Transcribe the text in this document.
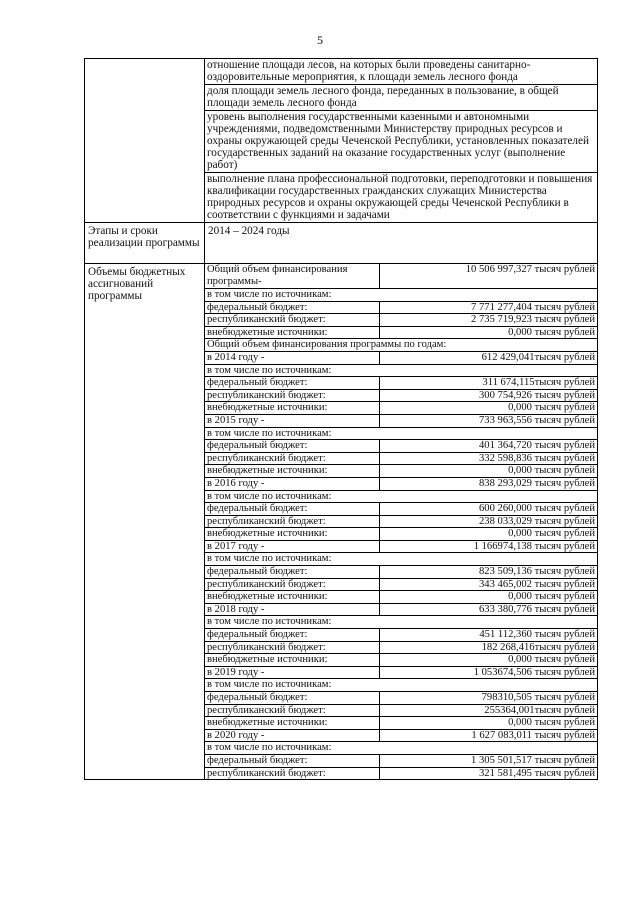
5

отношение площади лесов, на которых были проведены санитарно-оздоровительные мероприятия, к площади земель лесного фонда
доля площади земель лесного фонда, переданных в пользование, в общей площади земель лесного фонда
уровень выполнения государственными казенными и автономными учреждениями, подведомственными Министерству природных ресурсов и охраны окружающей среды Чеченской Республики, установленных показателей государственных заданий на оказание государственных услуг (выполнение работ)
выполнение плана профессиональной подготовки, переподготовки и повышения квалификации государственных гражданских служащих Министерства природных ресурсов и охраны окружающей среды Чеченской Республики в соответствии с функциями и задачами

Этапы и сроки реализации программы	2014 – 2024 годы
Объемы бюджетных ассигнований программы	
Общий объем финансирования программы-	10 506 997,327 тысяч рублей
в том числе по источникам:
федеральный бюджет:	7 771 277,404 тысяч рублей
республиканский бюджет:	2 735 719,923 тысяч рублей
внебюджетные источники:	0,000 тысяч рублей
Общий объем финансирования программы по годам:
в 2014 году -	612 429,041тысяч рублей
в том числе по источникам:
федеральный бюджет:	311 674,115тысяч рублей
республиканский бюджет:	300 754,926 тысяч рублей
внебюджетные источники:	0,000 тысяч рублей
в 2015 году -	733 963,556 тысяч рублей
в том числе по источникам:
федеральный бюджет:	401 364,720 тысяч рублей
республиканский бюджет:	332 598,836 тысяч рублей
внебюджетные источники:	0,000 тысяч рублей
в 2016 году -	838 293,029 тысяч рублей
в том числе по источникам:
федеральный бюджет:	600 260,000 тысяч рублей
республиканский бюджет:	238 033,029 тысяч рублей
внебюджетные источники:	0,000 тысяч рублей
в 2017 году -	1 166974,138 тысяч рублей
в том числе по источникам:
федеральный бюджет:	823 509,136 тысяч рублей
республиканский бюджет:	343 465,002 тысяч рублей
внебюджетные источники:	0,000 тысяч рублей
в 2018 году -	633 380,776 тысяч рублей
в том числе по источникам:
федеральный бюджет:	451 112,360 тысяч рублей
республиканский бюджет:	182 268,416тысяч рублей
внебюджетные источники:	0,000 тысяч рублей
в 2019 году -	1 053674,506 тысяч рублей
в том числе по источникам:
федеральный бюджет:	798310,505 тысяч рублей
республиканский бюджет:	255364,001тысяч рублей
внебюджетные источники:	0,000 тысяч рублей
в 2020 году -	1 627 083,011 тысяч рублей
в том числе по источникам:
федеральный бюджет:	1 305 501,517 тысяч рублей
республиканский бюджет:	321 581,495 тысяч рублей
